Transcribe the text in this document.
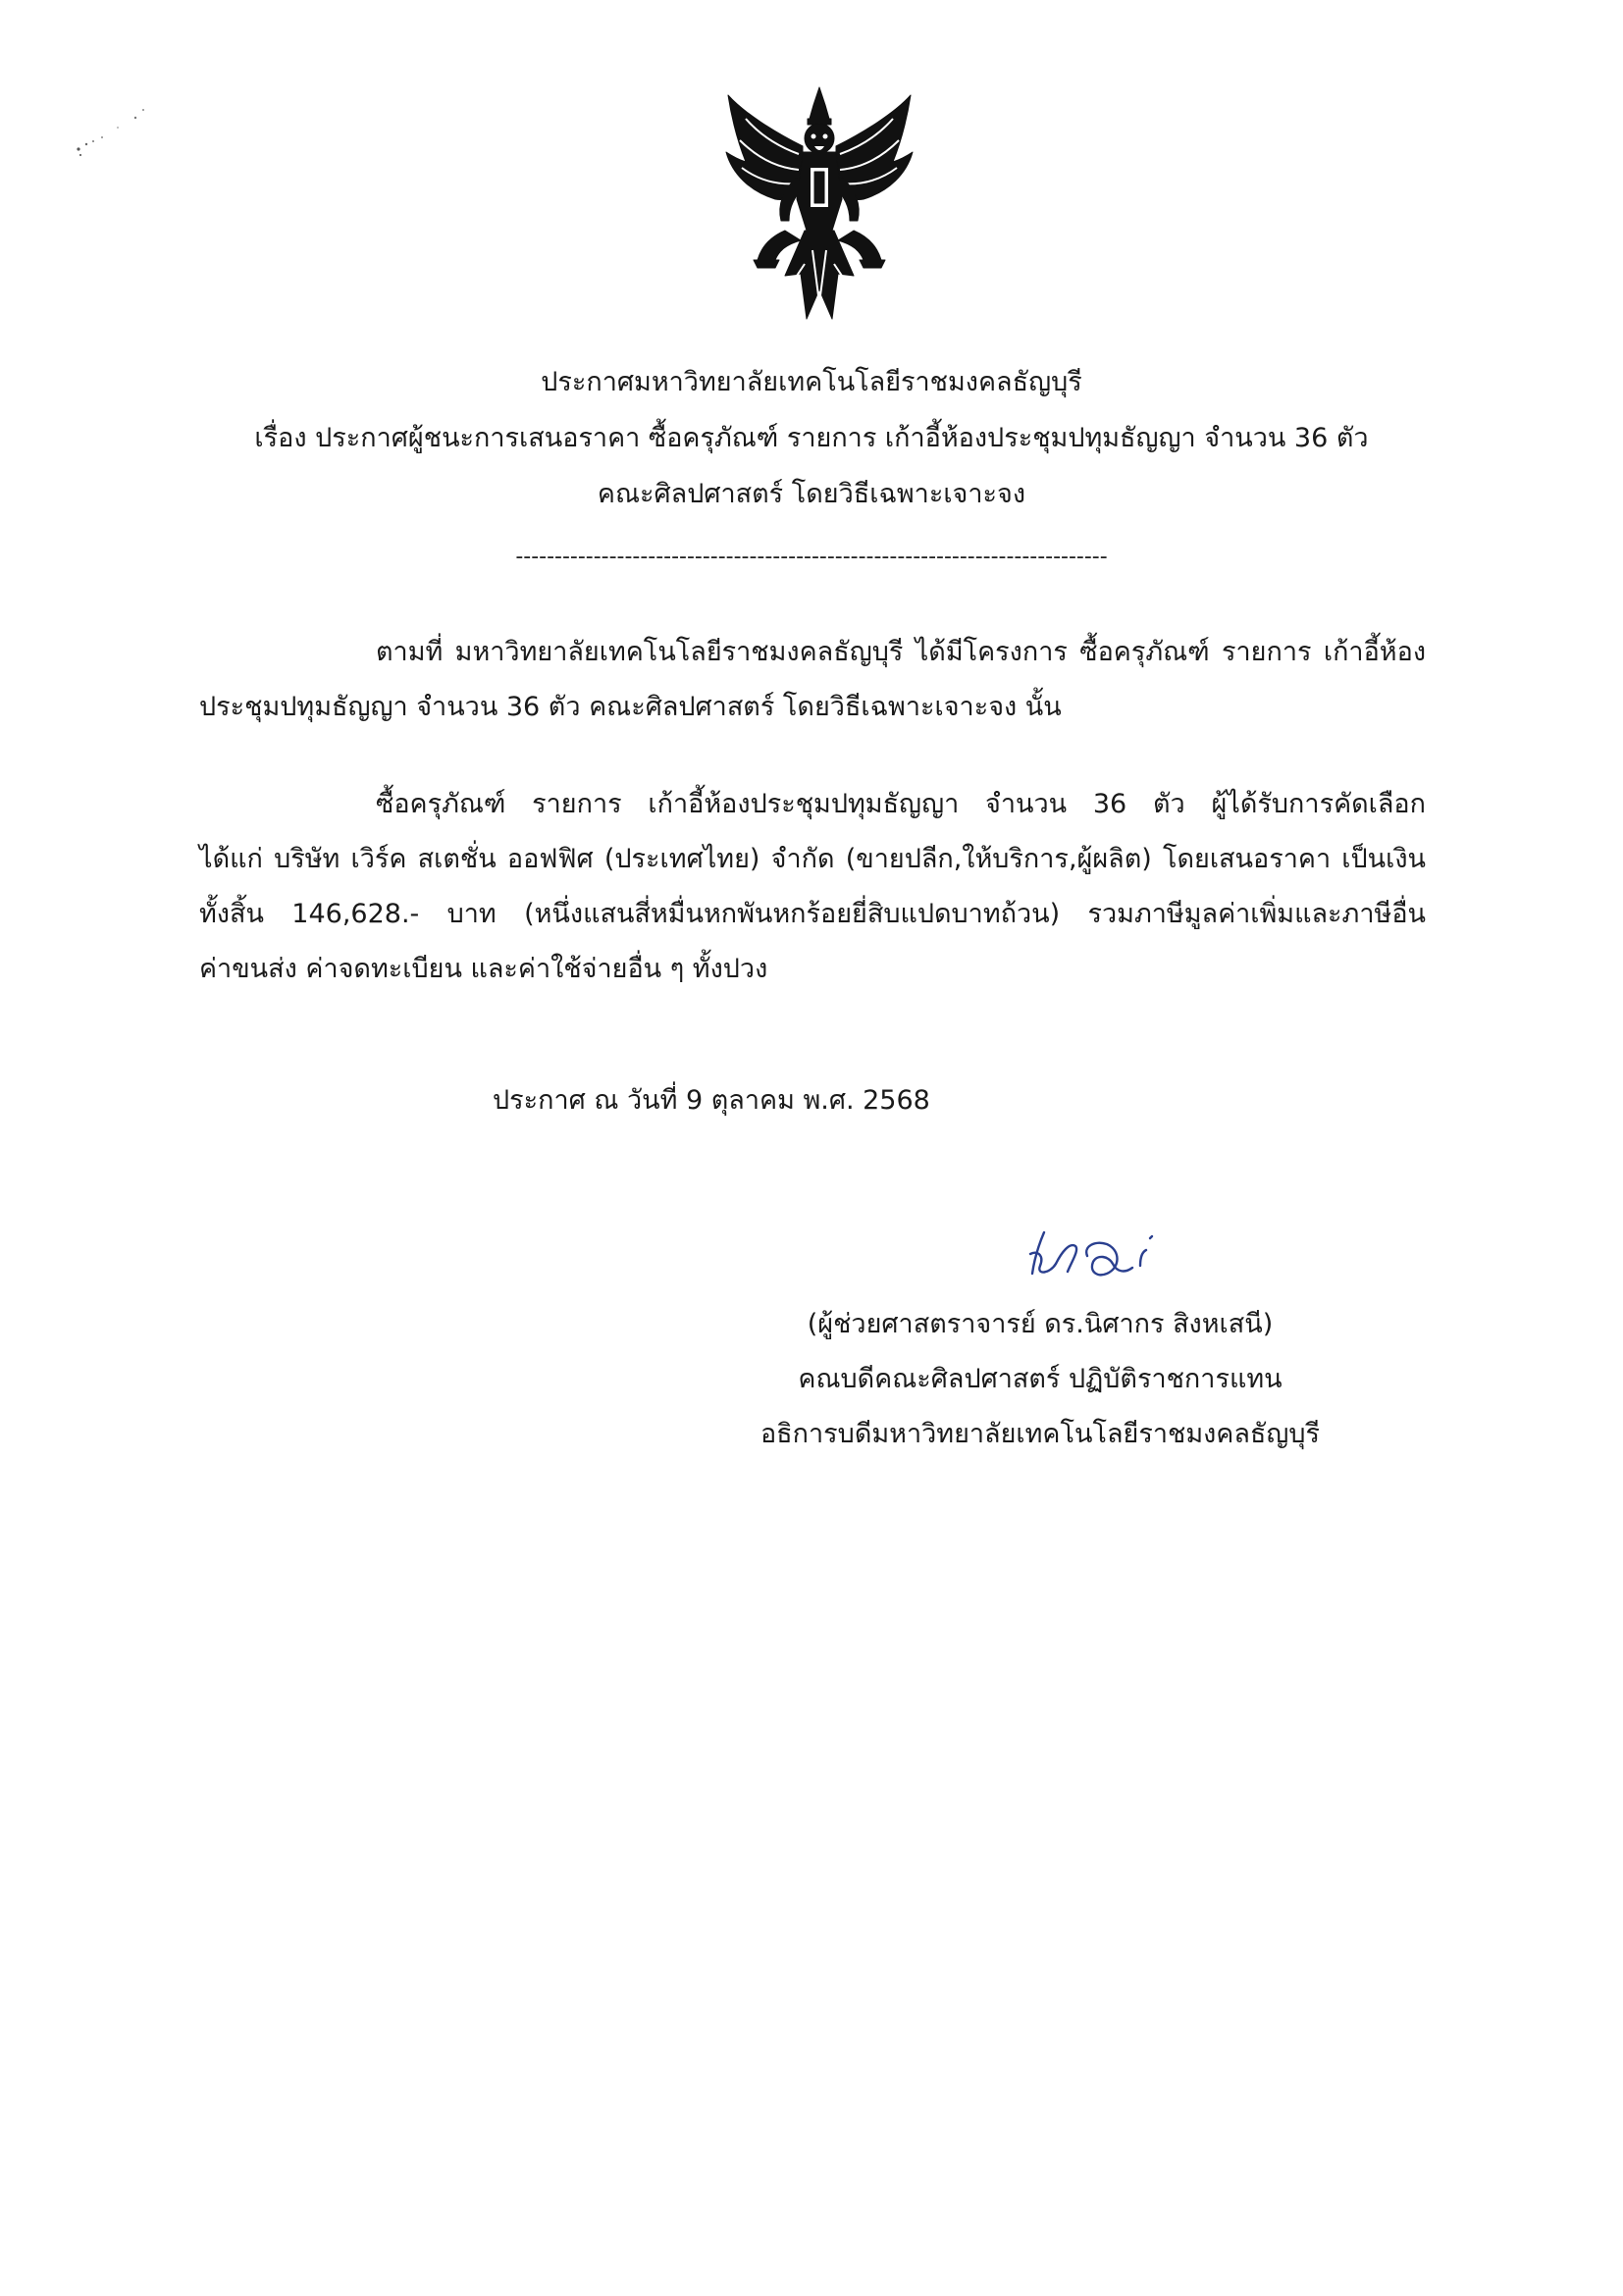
ประกาศมหาวิทยาลัยเทคโนโลยีราชมงคลธัญบุรี
เรื่อง ประกาศผู้ชนะการเสนอราคา ซื้อครุภัณฑ์ รายการ เก้าอี้ห้องประชุมปทุมธัญญา จำนวน 36 ตัว
คณะศิลปศาสตร์ โดยวิธีเฉพาะเจาะจง
----------------------------------------------------------------------------
ตามที่ มหาวิทยาลัยเทคโนโลยีราชมงคลธัญบุรี ได้มีโครงการ ซื้อครุภัณฑ์ รายการ เก้าอี้ห้อง
ประชุมปทุมธัญญา จำนวน 36 ตัว คณะศิลปศาสตร์ โดยวิธีเฉพาะเจาะจง นั้น
ซื้อครุภัณฑ์ รายการ เก้าอี้ห้องประชุมปทุมธัญญา จำนวน 36 ตัว ผู้ได้รับการคัดเลือก
ได้แก่ บริษัท เวิร์ค สเตชั่น ออฟฟิศ (ประเทศไทย) จำกัด (ขายปลีก,ให้บริการ,ผู้ผลิต) โดยเสนอราคา เป็นเงิน
ทั้งสิ้น 146,628.- บาท (หนึ่งแสนสี่หมื่นหกพันหกร้อยยี่สิบแปดบาทถ้วน) รวมภาษีมูลค่าเพิ่มและภาษีอื่น
ค่าขนส่ง ค่าจดทะเบียน และค่าใช้จ่ายอื่น ๆ ทั้งปวง
ประกาศ ณ วันที่ 9 ตุลาคม พ.ศ. 2568
(ผู้ช่วยศาสตราจารย์ ดร.นิศากร สิงหเสนี)
คณบดีคณะศิลปศาสตร์ ปฏิบัติราชการแทน
อธิการบดีมหาวิทยาลัยเทคโนโลยีราชมงคลธัญบุรี
